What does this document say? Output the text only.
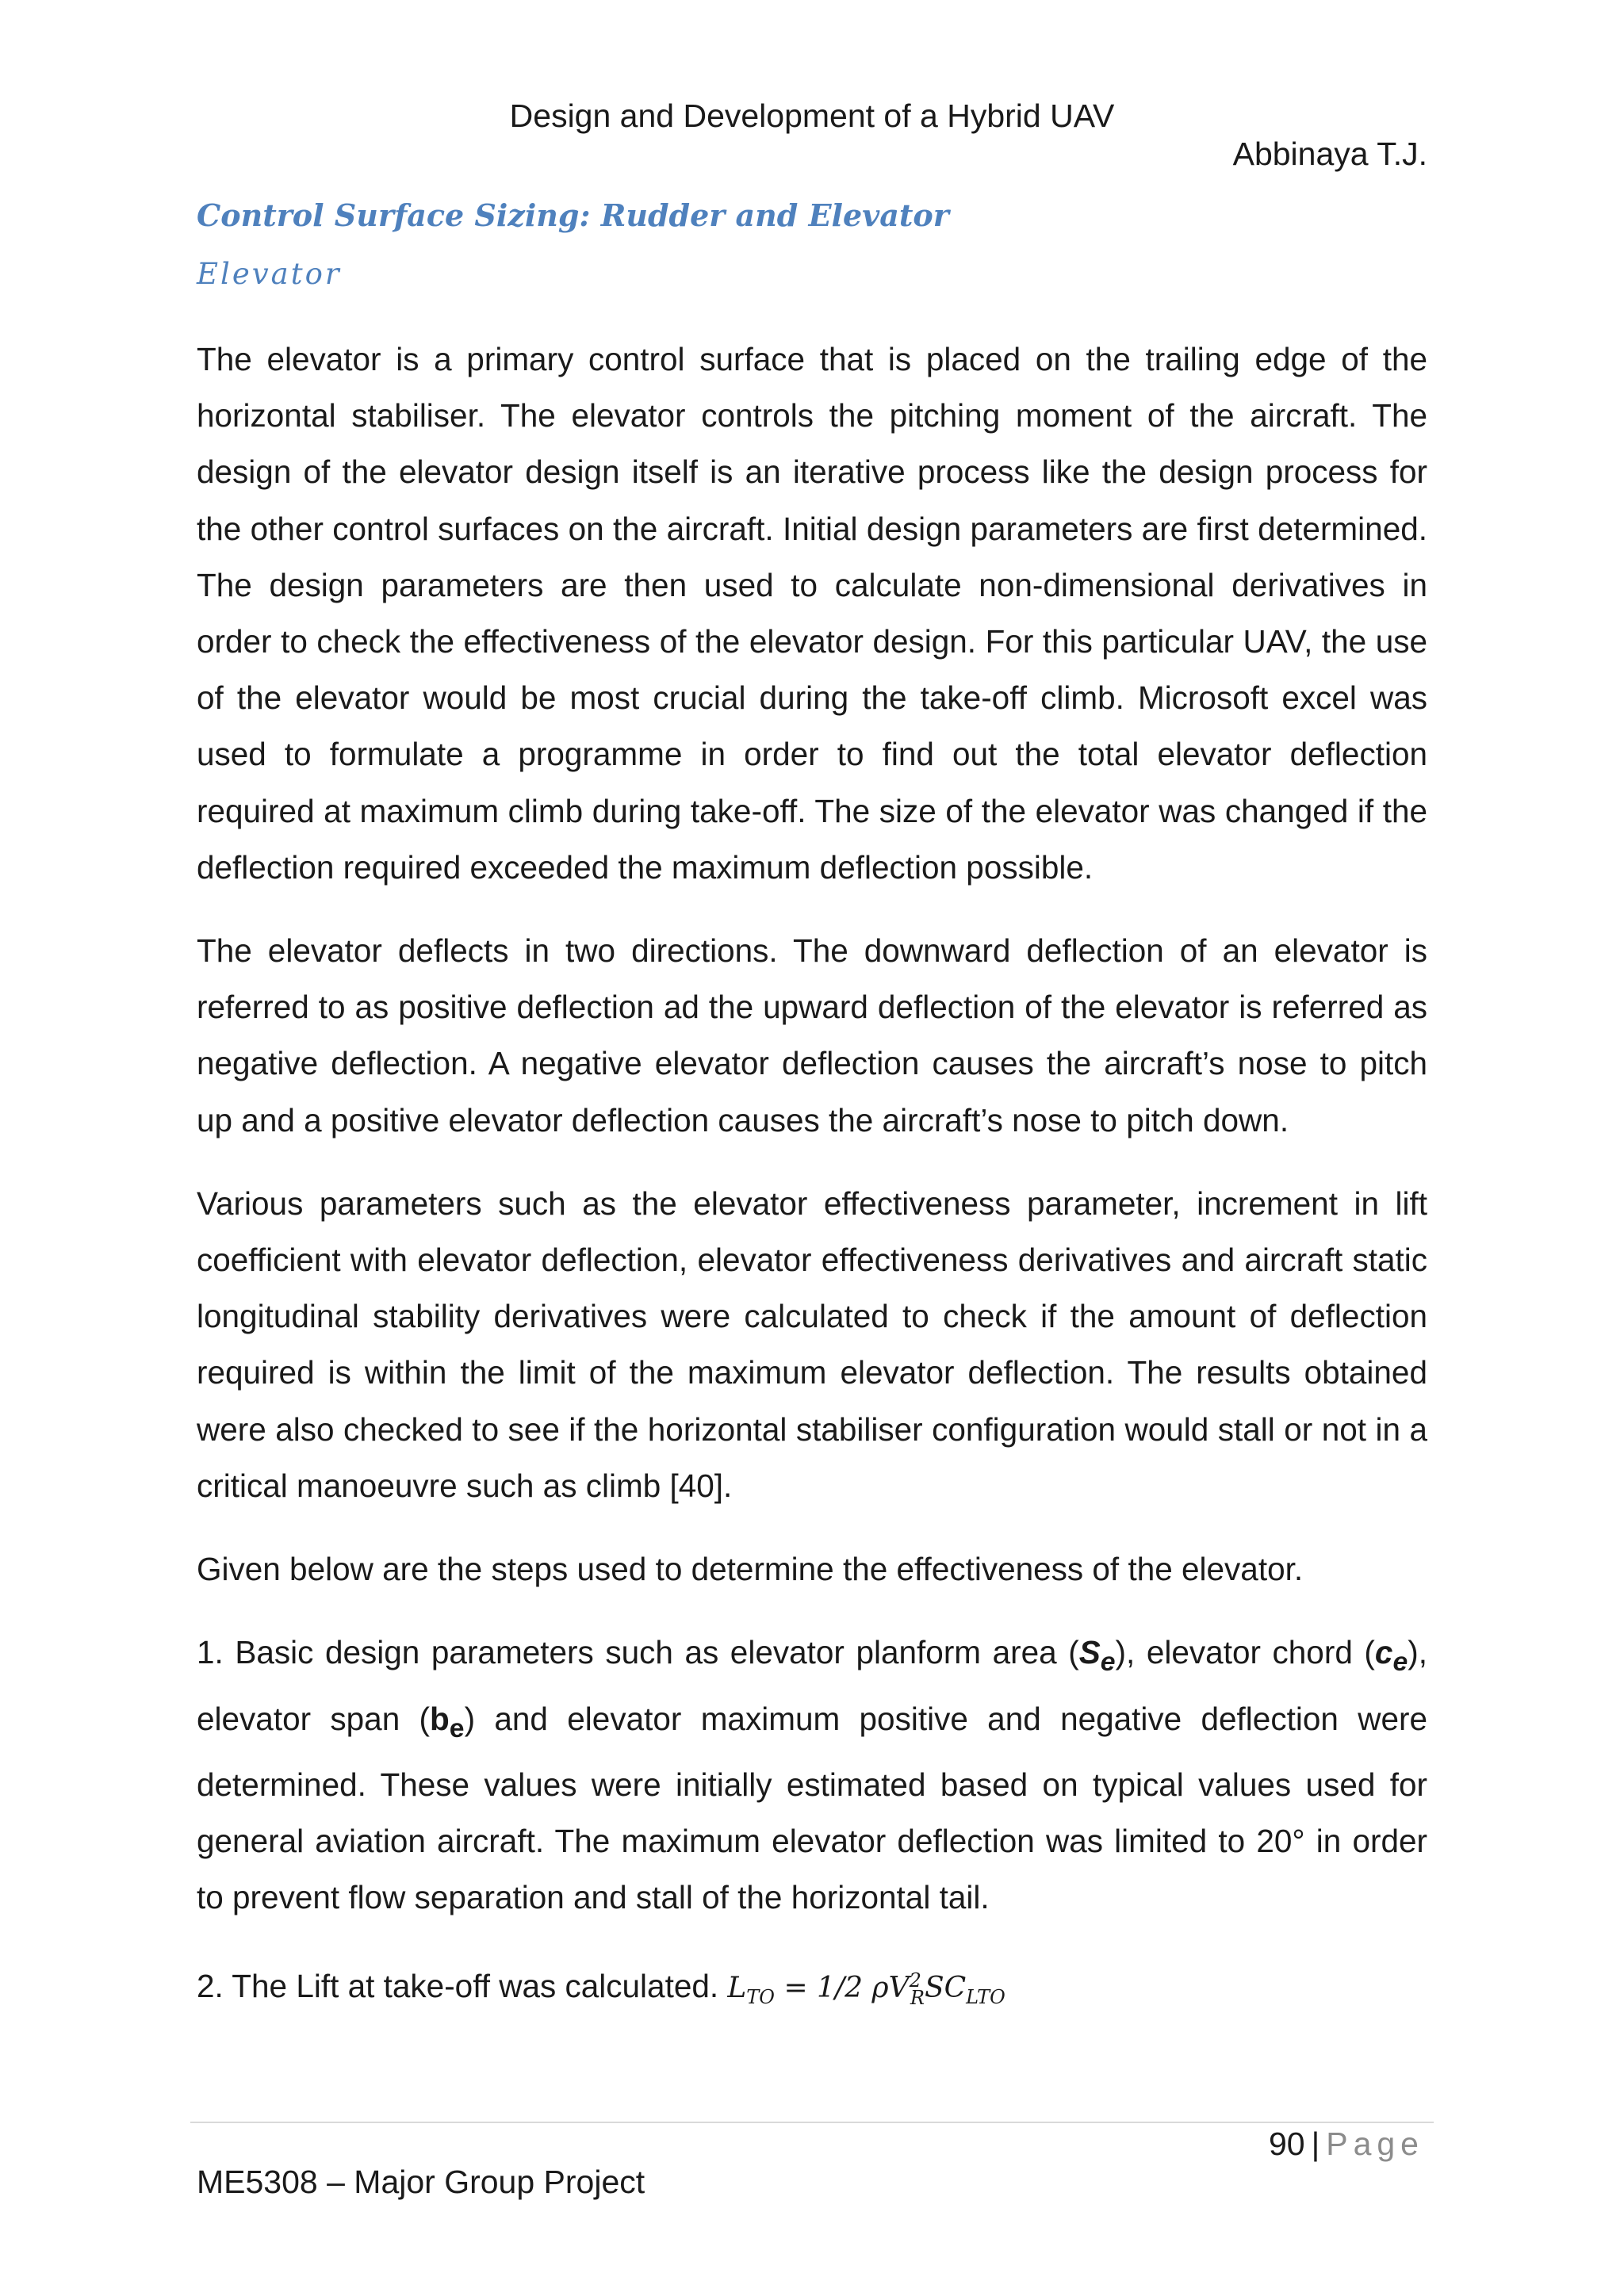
Design and Development of a Hybrid UAV
Abbinaya T.J.
Control Surface Sizing: Rudder and Elevator
Elevator

The elevator is a primary control surface that is placed on the trailing edge of the horizontal stabiliser. The elevator controls the pitching moment of the aircraft. The design of the elevator design itself is an iterative process like the design process for the other control surfaces on the aircraft. Initial design parameters are first determined. The design parameters are then used to calculate non-dimensional derivatives in order to check the effectiveness of the elevator design. For this particular UAV, the use of the elevator would be most crucial during the take-off climb. Microsoft excel was used to formulate a programme in order to find out the total elevator deflection required at maximum climb during take-off. The size of the elevator was changed if the deflection required exceeded the maximum deflection possible.

The elevator deflects in two directions. The downward deflection of an elevator is referred to as positive deflection ad the upward deflection of the elevator is referred as negative deflection. A negative elevator deflection causes the aircraft’s nose to pitch up and a positive elevator deflection causes the aircraft’s nose to pitch down.

Various parameters such as the elevator effectiveness parameter, increment in lift coefficient with elevator deflection, elevator effectiveness derivatives and aircraft static longitudinal stability derivatives were calculated to check if the amount of deflection required is within the limit of the maximum elevator deflection. The results obtained were also checked to see if the horizontal stabiliser configuration would stall or not in a critical manoeuvre such as climb [40].

Given below are the steps used to determine the effectiveness of the elevator.

1. Basic design parameters such as elevator planform area $(S_e)$, elevator chord $(c_e)$, elevator span $(b_e)$ and elevator maximum positive and negative deflection were determined. These values were initially estimated based on typical values used for general aviation aircraft. The maximum elevator deflection was limited to 20° in order to prevent flow separation and stall of the horizontal tail.

2. The Lift at take-off was calculated. $L_{TO} = 1/2$ $\rho V^2_RSC_{LTO}$

90 | Page
ME5308 – Major Group Project
